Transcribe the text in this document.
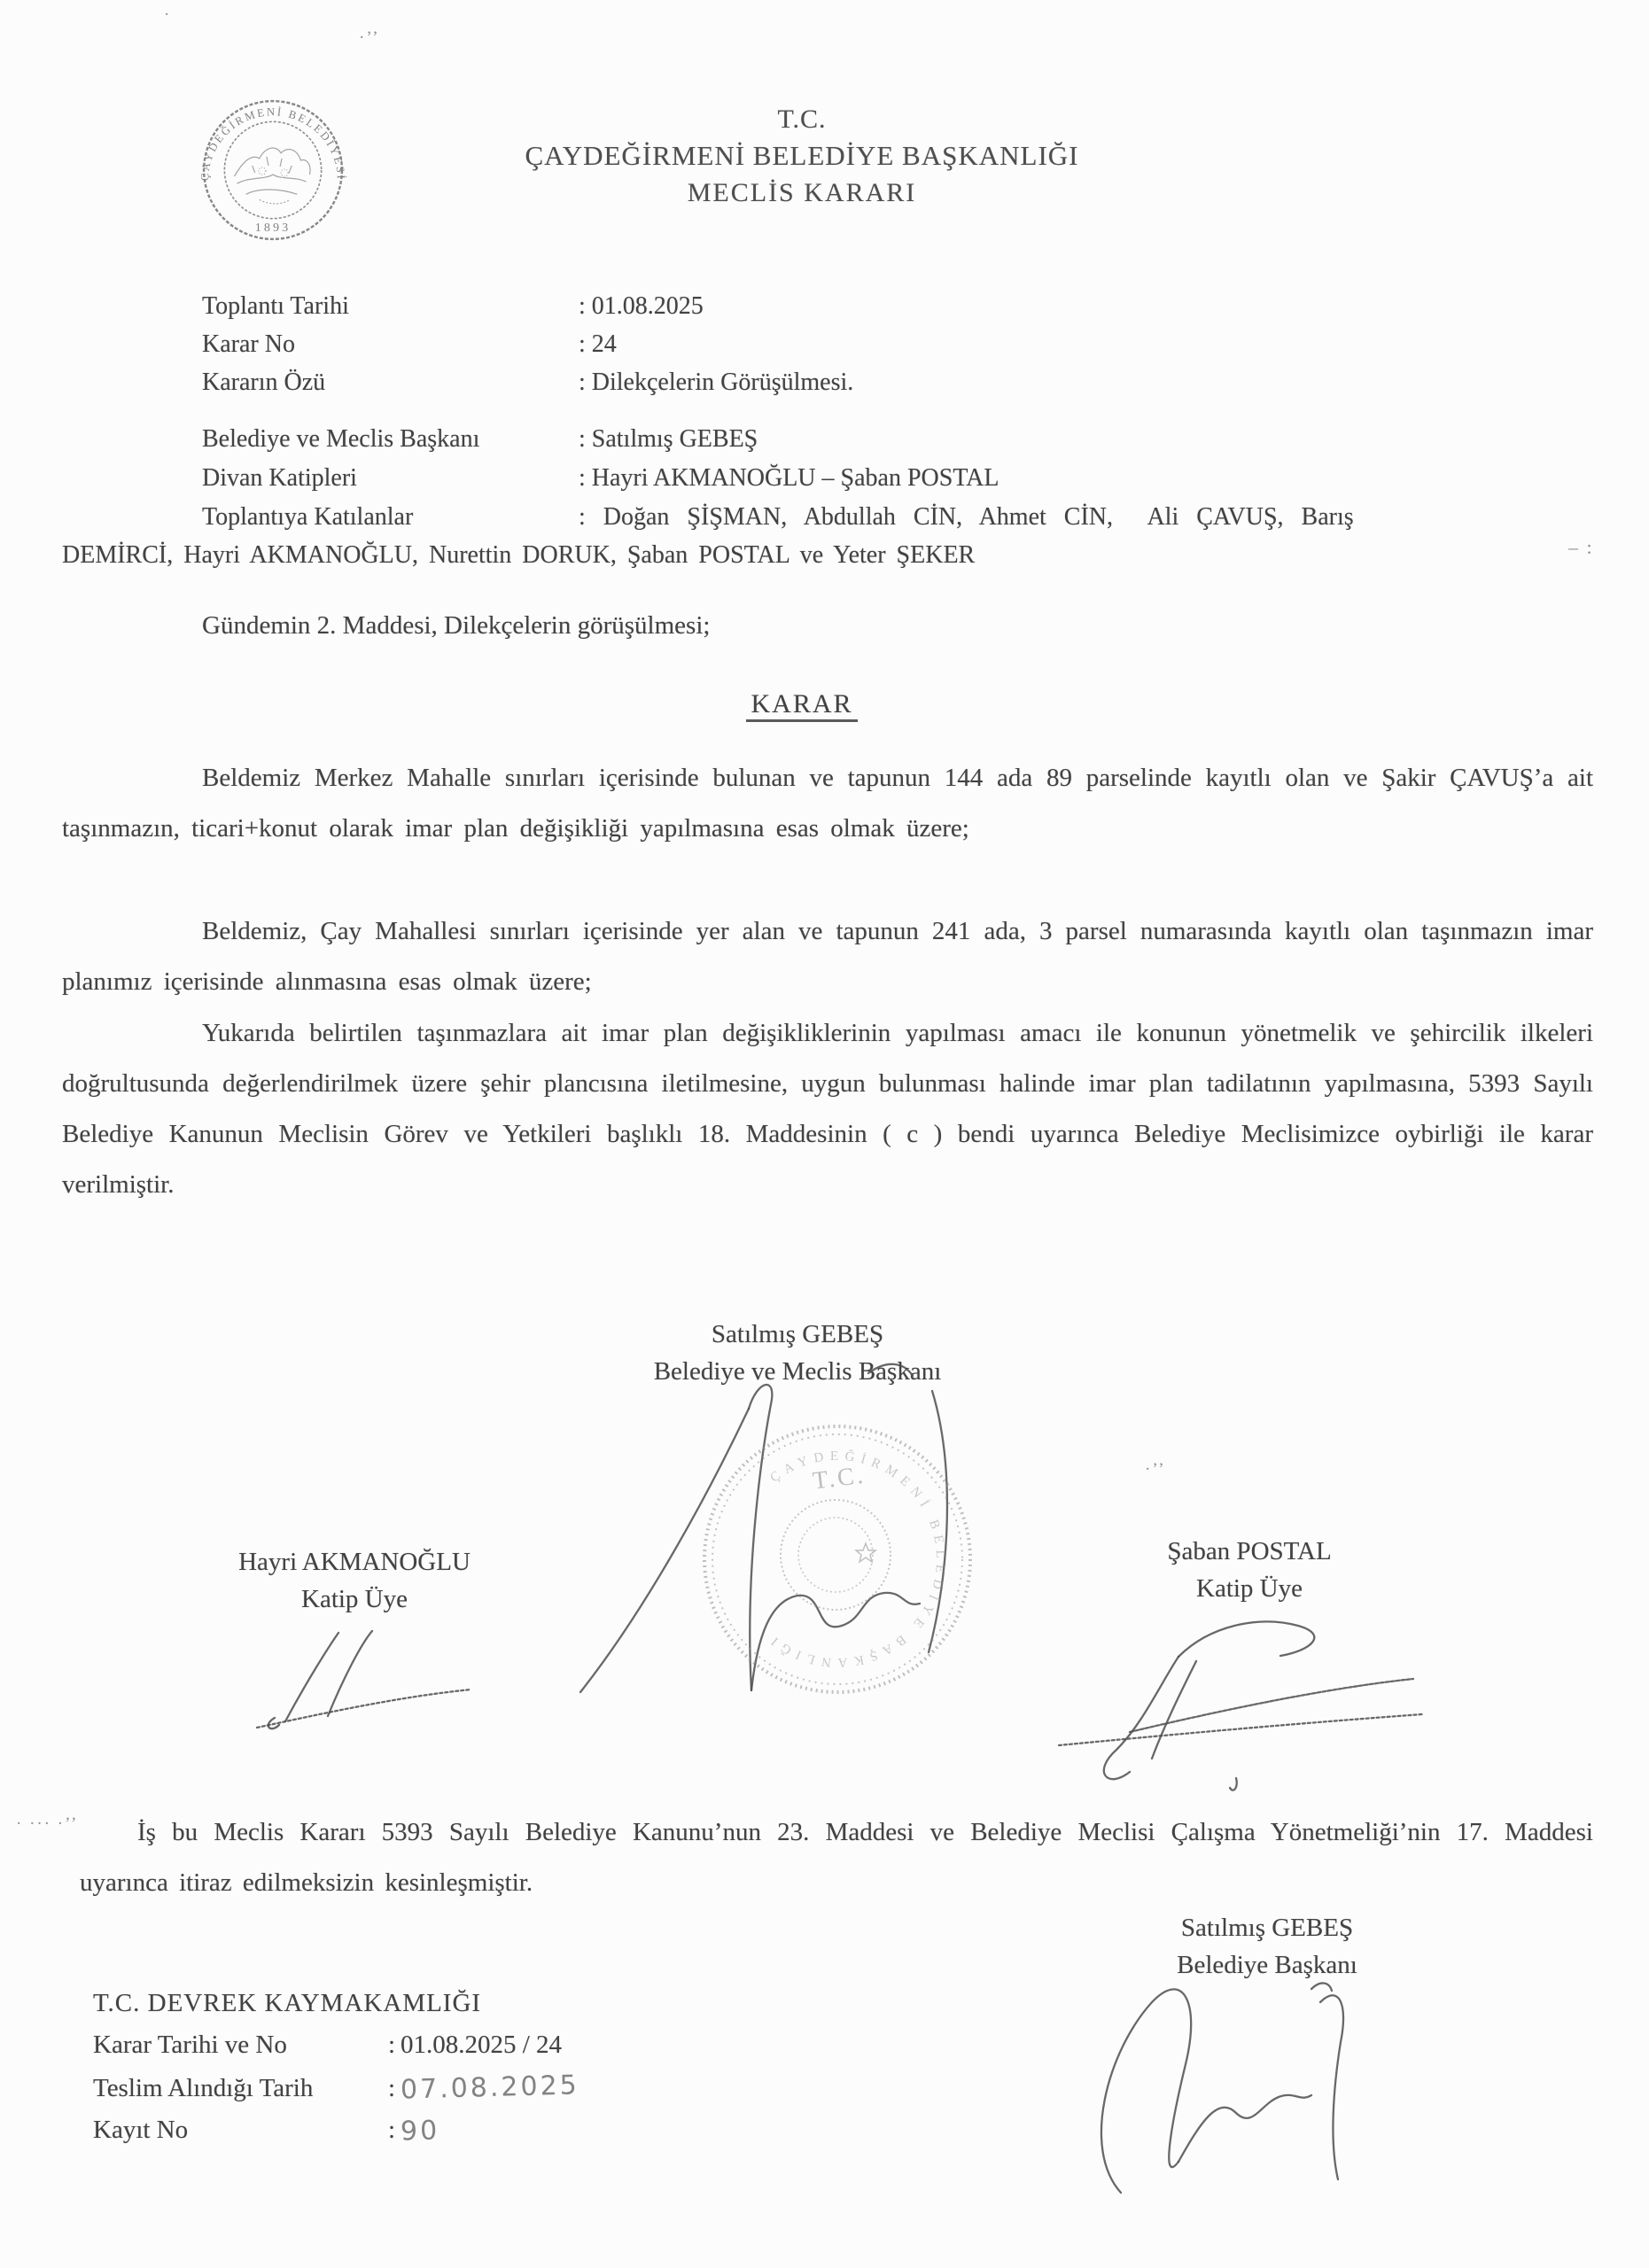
ÇAYDEĞİRMENİ BELEDİYESİ
1893
T.C.
ÇAYDEĞİRMENİ BELEDİYE BAŞKANLIĞI
MECLİS KARARI
Toplantı Tarihi	: 01.08.2025
Karar No	: 24
Kararın Özü	: Dilekçelerin Görüşülmesi.
Belediye ve Meclis Başkanı	: Satılmış GEBEŞ
Divan Katipleri	: Hayri AKMANOĞLU – Şaban POSTAL
Toplantıya Katılanlar	: Doğan ŞİŞMAN, Abdullah CİN, Ahmet CİN,  Ali ÇAVUŞ, Barış
DEMİRCİ, Hayri AKMANOĞLU, Nurettin DORUK, Şaban POSTAL ve Yeter ŞEKER
Gündemin 2. Maddesi, Dilekçelerin görüşülmesi;
KARAR
Beldemiz Merkez Mahalle sınırları içerisinde bulunan ve tapunun 144 ada 89 parselinde kayıtlı olan ve Şakir ÇAVUŞ’a ait taşınmazın, ticari+konut olarak imar plan değişikliği yapılmasına esas olmak üzere;
Beldemiz, Çay Mahallesi sınırları içerisinde yer alan ve tapunun 241 ada, 3 parsel numarasında kayıtlı olan taşınmazın imar planımız içerisinde alınmasına esas olmak üzere;
Yukarıda belirtilen taşınmazlara ait imar plan değişikliklerinin yapılması amacı ile konunun yönetmelik ve şehircilik ilkeleri doğrultusunda değerlendirilmek üzere şehir plancısına iletilmesine, uygun bulunması halinde imar plan tadilatının yapılmasına, 5393 Sayılı Belediye Kanunun Meclisin Görev ve Yetkileri başlıklı 18. Maddesinin ( c ) bendi uyarınca Belediye Meclisimizce oybirliği ile karar verilmiştir.
Satılmış GEBEŞ
Belediye ve Meclis Başkanı
T.C.
ÇAYDEĞİRMENİ BELEDİYE BAŞKANLIĞI
Hayri AKMANOĞLU
Katip Üye
Şaban POSTAL
Katip Üye
İş bu Meclis Kararı 5393 Sayılı Belediye Kanunu’nun 23. Maddesi ve Belediye Meclisi Çalışma Yönetmeliği’nin 17. Maddesi uyarınca itiraz edilmeksizin kesinleşmiştir.
Satılmış GEBEŞ
Belediye Başkanı
T.C. DEVREK KAYMAKAMLIĞI
Karar Tarihi ve No	: 01.08.2025 / 24
Teslim Alındığı Tarih	: 07.08.2025
Kayıt No	: 90
·
·’’
– :
·’’
· ··· ·’’
